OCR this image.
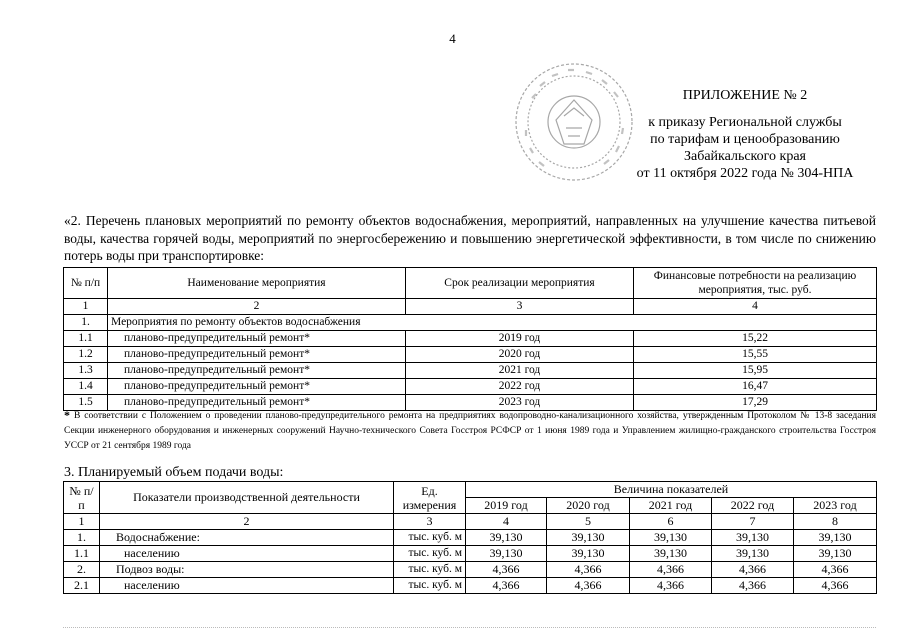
4
ПРИЛОЖЕНИЕ № 2
к приказу Региональной службы
по тарифам и ценообразованию
Забайкальского края
от 11 октября 2022 года № 304-НПА
«2. Перечень плановых мероприятий по ремонту объектов водоснабжения, мероприятий, направленных на улучшение качества питьевой воды, качества горячей воды, мероприятий по энергосбережению и повышению энергетической эффективности, в том числе по снижению потерь воды при транспортировке:
№ п/п	Наименование мероприятия	Срок реализации мероприятия	Финансовые потребности на реализацию мероприятия, тыс. руб.
1	2	3	4
1.	Мероприятия по ремонту объектов водоснабжения		
1.1	планово-предупредительный ремонт*	2019 год	15,22
1.2	планово-предупредительный ремонт*	2020 год	15,55
1.3	планово-предупредительный ремонт*	2021 год	15,95
1.4	планово-предупредительный ремонт*	2022 год	16,47
1.5	планово-предупредительный ремонт*	2023 год	17,29
* В соответствии с Положением о проведении планово-предупредительного ремонта на предприятиях водопроводно-канализационного хозяйства, утвержденным Протоколом № 13-8 заседания Секции инженерного оборудования и инженерных сооружений Научно-технического Совета Госстроя РСФСР от 1 июня 1989 года и Управлением жилищно-гражданского строительства Госстроя УССР от 21 сентября 1989 года
3. Планируемый объем подачи воды:
№ п/п	Показатели производственной деятельности	Ед. измерения	Величина показателей				
			2019 год	2020 год	2021 год	2022 год	2023 год
1	2	3	4	5	6	7	8
1.	Водоснабжение:	тыс. куб. м	39,130	39,130	39,130	39,130	39,130
1.1	населению	тыс. куб. м	39,130	39,130	39,130	39,130	39,130
2.	Подвоз воды:	тыс. куб. м	4,366	4,366	4,366	4,366	4,366
2.1	населению	тыс. куб. м	4,366	4,366	4,366	4,366	4,366
